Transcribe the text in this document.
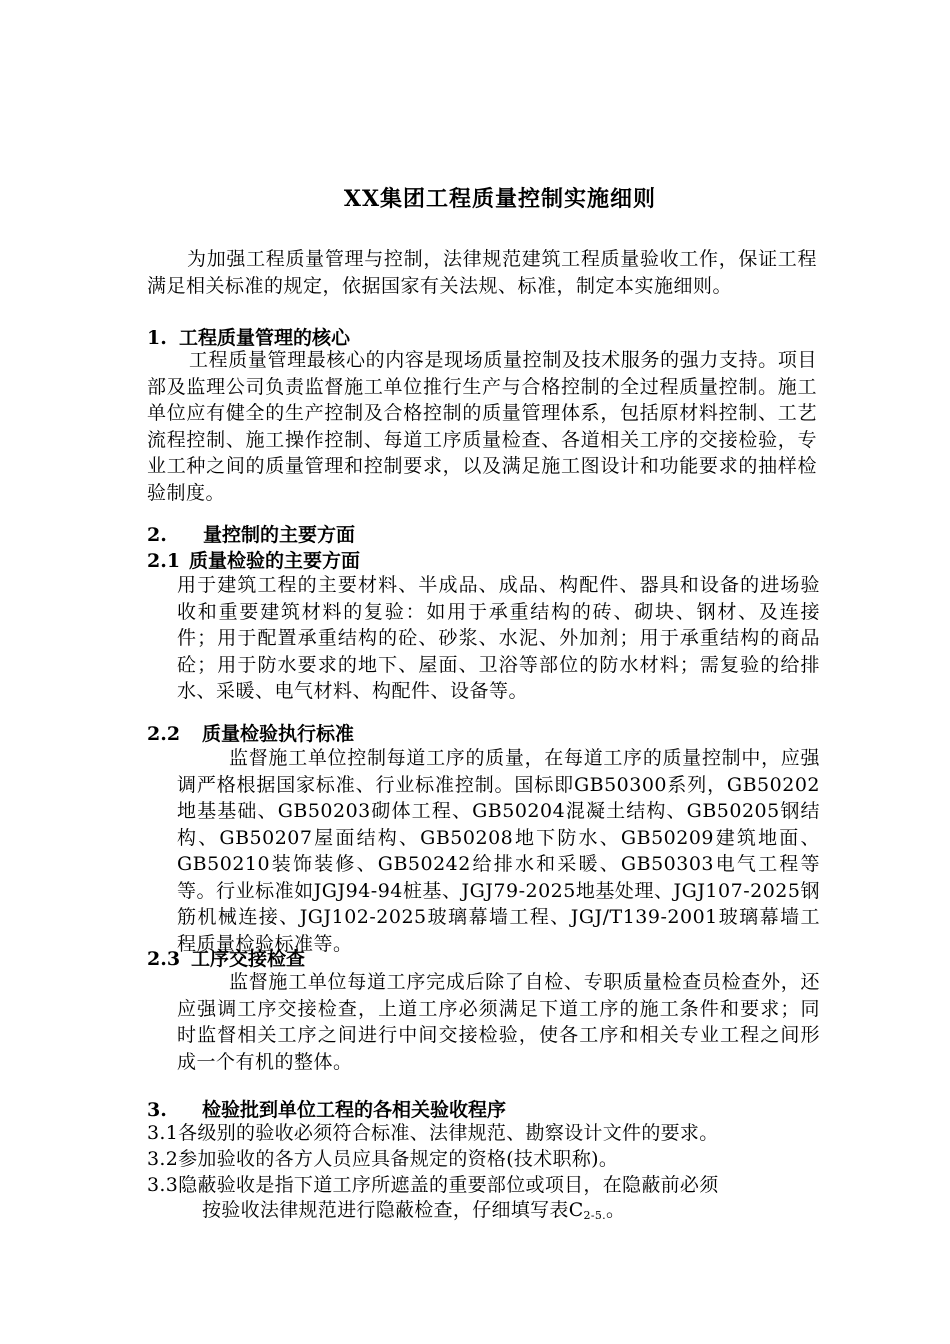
XX集团工程质量控制实施细则

为加强工程质量管理与控制，法律规范建筑工程质量验收工作，保证工程满足相关标准的规定，依据国家有关法规、标准，制定本实施细则。

1. 工程质量管理的核心

工程质量管理最核心的内容是现场质量控制及技术服务的强力支持。项目部及监理公司负责监督施工单位推行生产与合格控制的全过程质量控制。施工单位应有健全的生产控制及合格控制的质量管理体系，包括原材料控制、工艺流程控制、施工操作控制、每道工序质量检查、各道相关工序的交接检验，专业工种之间的质量管理和控制要求，以及满足施工图设计和功能要求的抽样检验制度。

2. 量控制的主要方面
2.1 质量检验的主要方面

用于建筑工程的主要材料、半成品、成品、构配件、器具和设备的进场验收和重要建筑材料的复验：如用于承重结构的砖、砌块、钢材、及连接件；用于配置承重结构的砼、砂浆、水泥、外加剂；用于承重结构的商品砼；用于防水要求的地下、屋面、卫浴等部位的防水材料；需复验的给排水、采暖、电气材料、构配件、设备等。

2.2 质量检验执行标准

监督施工单位控制每道工序的质量，在每道工序的质量控制中，应强调严格根据国家标准、行业标准控制。国标即GB50300系列，GB50202地基基础、GB50203砌体工程、GB50204混凝土结构、GB50205钢结构、GB50207屋面结构、GB50208地下防水、GB50209建筑地面、GB50210装饰装修、GB50242给排水和采暖、GB50303电气工程等等。行业标准如JGJ94-94桩基、JGJ79-2025地基处理、JGJ107-2025钢筋机械连接、JGJ102-2025玻璃幕墙工程、JGJ/T139-2001玻璃幕墙工程质量检验标准等。

2.3 工序交接检查

监督施工单位每道工序完成后除了自检、专职质量检查员检查外，还应强调工序交接检查，上道工序必须满足下道工序的施工条件和要求；同时监督相关工序之间进行中间交接检验，使各工序和相关专业工程之间形成一个有机的整体。

3. 检验批到单位工程的各相关验收程序

3.1各级别的验收必须符合标准、法律规范、勘察设计文件的要求。

3.2参加验收的各方人员应具备规定的资格(技术职称)。

3.3隐蔽验收是指下道工序所遮盖的重要部位或项目，在隐蔽前必须

按验收法律规范进行隐蔽检查，仔细填写表$C_{2-5.}$。
